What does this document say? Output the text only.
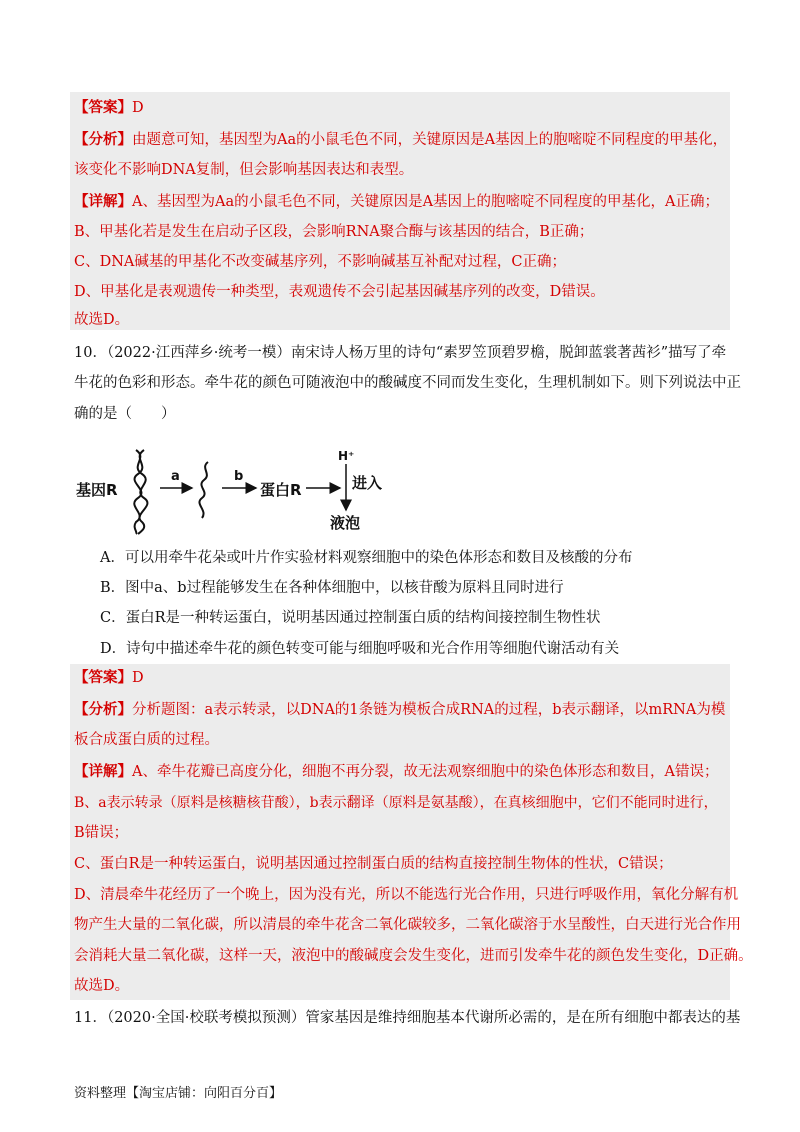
【答案】D
【分析】由题意可知，基因型为Aa的小鼠毛色不同，关键原因是A基因上的胞嘧啶不同程度的甲基化，
该变化不影响DNA复制，但会影响基因表达和表型。
【详解】A、基因型为Aa的小鼠毛色不同，关键原因是A基因上的胞嘧啶不同程度的甲基化，A正确；
B、甲基化若是发生在启动子区段，会影响RNA聚合酶与该基因的结合，B正确；
C、DNA碱基的甲基化不改变碱基序列，不影响碱基互补配对过程，C正确；
D、甲基化是表观遗传一种类型，表观遗传不会引起基因碱基序列的改变，D错误。
故选D。
10．（2022·江西萍乡·统考一模）南宋诗人杨万里的诗句“素罗笠顶碧罗檐，脱卸蓝裳著茜衫”描写了牵
牛花的色彩和形态。牵牛花的颜色可随液泡中的酸碱度不同而发生变化，生理机制如下。则下列说法中正
确的是（　　）
基因R
a	b
蛋白R
H⁺
进入
液泡
A．可以用牵牛花朵或叶片作实验材料观察细胞中的染色体形态和数目及核酸的分布
B．图中a、b过程能够发生在各种体细胞中，以核苷酸为原料且同时进行
C．蛋白R是一种转运蛋白，说明基因通过控制蛋白质的结构间接控制生物性状
D．诗句中描述牵牛花的颜色转变可能与细胞呼吸和光合作用等细胞代谢活动有关
【答案】D
【分析】分析题图：a表示转录，以DNA的1条链为模板合成RNA的过程，b表示翻译，以mRNA为模
板合成蛋白质的过程。
【详解】A、牵牛花瓣已高度分化，细胞不再分裂，故无法观察细胞中的染色体形态和数目，A错误；
B、a表示转录（原料是核糖核苷酸），b表示翻译（原料是氨基酸），在真核细胞中，它们不能同时进行，
B错误；
C、蛋白R是一种转运蛋白，说明基因通过控制蛋白质的结构直接控制生物体的性状，C错误；
D、清晨牵牛花经历了一个晚上，因为没有光，所以不能选行光合作用，只进行呼吸作用，氧化分解有机
物产生大量的二氧化碳，所以清晨的牵牛花含二氧化碳较多，二氧化碳溶于水呈酸性，白天进行光合作用
会消耗大量二氧化碳，这样一天，液泡中的酸碱度会发生变化，进而引发牵牛花的颜色发生变化，D正确。
故选D。
11．（2020·全国·校联考模拟预测）管家基因是维持细胞基本代谢所必需的，是在所有细胞中都表达的基
资料整理【淘宝店铺：向阳百分百】
